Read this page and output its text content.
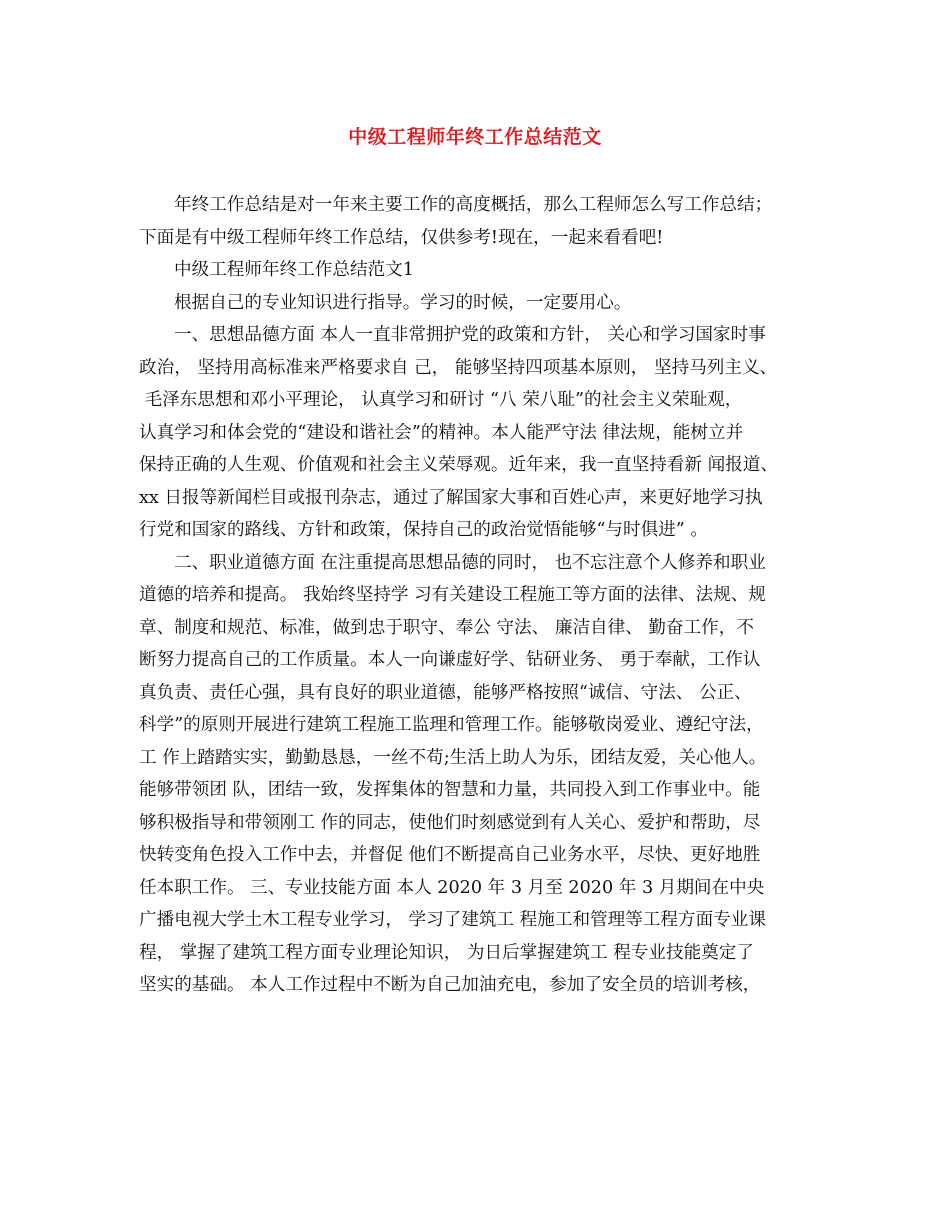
中级工程师年终工作总结范文
年终工作总结是对一年来主要工作的高度概括，那么工程师怎么写工作总结；
下面是有中级工程师年终工作总结，仅供参考!现在，一起来看看吧!
中级工程师年终工作总结范文1
根据自己的专业知识进行指导。学习的时候，一定要用心。
一、思想品德方面 本人一直非常拥护党的政策和方针， 关心和学习国家时事
政治， 坚持用高标准来严格要求自 己， 能够坚持四项基本原则， 坚持马列主义、
毛泽东思想和邓小平理论， 认真学习和研讨 “八 荣八耻”的社会主义荣耻观，
认真学习和体会党的“建设和谐社会”的精神。本人能严守法 律法规，能树立并
保持正确的人生观、价值观和社会主义荣辱观。近年来，我一直坚持看新 闻报道、
xx 日报等新闻栏目或报刊杂志，通过了解国家大事和百姓心声，来更好地学习执
行党和国家的路线、方针和政策，保持自己的政治觉悟能够“与时俱进” 。
二、职业道德方面 在注重提高思想品德的同时， 也不忘注意个人修养和职业
道德的培养和提高。 我始终坚持学 习有关建设工程施工等方面的法律、法规、规
章、制度和规范、标准，做到忠于职守、奉公 守法、 廉洁自律、 勤奋工作，不
断努力提高自己的工作质量。本人一向谦虚好学、钻研业务、 勇于奉献，工作认
真负责、责任心强，具有良好的职业道德，能够严格按照“诚信、守法、 公正、
科学”的原则开展进行建筑工程施工监理和管理工作。能够敬岗爱业、遵纪守法，
工 作上踏踏实实，勤勤恳恳，一丝不苟;生活上助人为乐，团结友爱，关心他人。
能够带领团 队，团结一致，发挥集体的智慧和力量，共同投入到工作事业中。能
够积极指导和带领刚工 作的同志，使他们时刻感觉到有人关心、爱护和帮助，尽
快转变角色投入工作中去，并督促 他们不断提高自己业务水平，尽快、更好地胜
任本职工作。 三、专业技能方面 本人 2020 年 3 月至 2020 年 3 月期间在中央
广播电视大学土木工程专业学习， 学习了建筑工 程施工和管理等工程方面专业课
程， 掌握了建筑工程方面专业理论知识， 为日后掌握建筑工 程专业技能奠定了
坚实的基础。 本人工作过程中不断为自己加油充电，参加了安全员的培训考核，
